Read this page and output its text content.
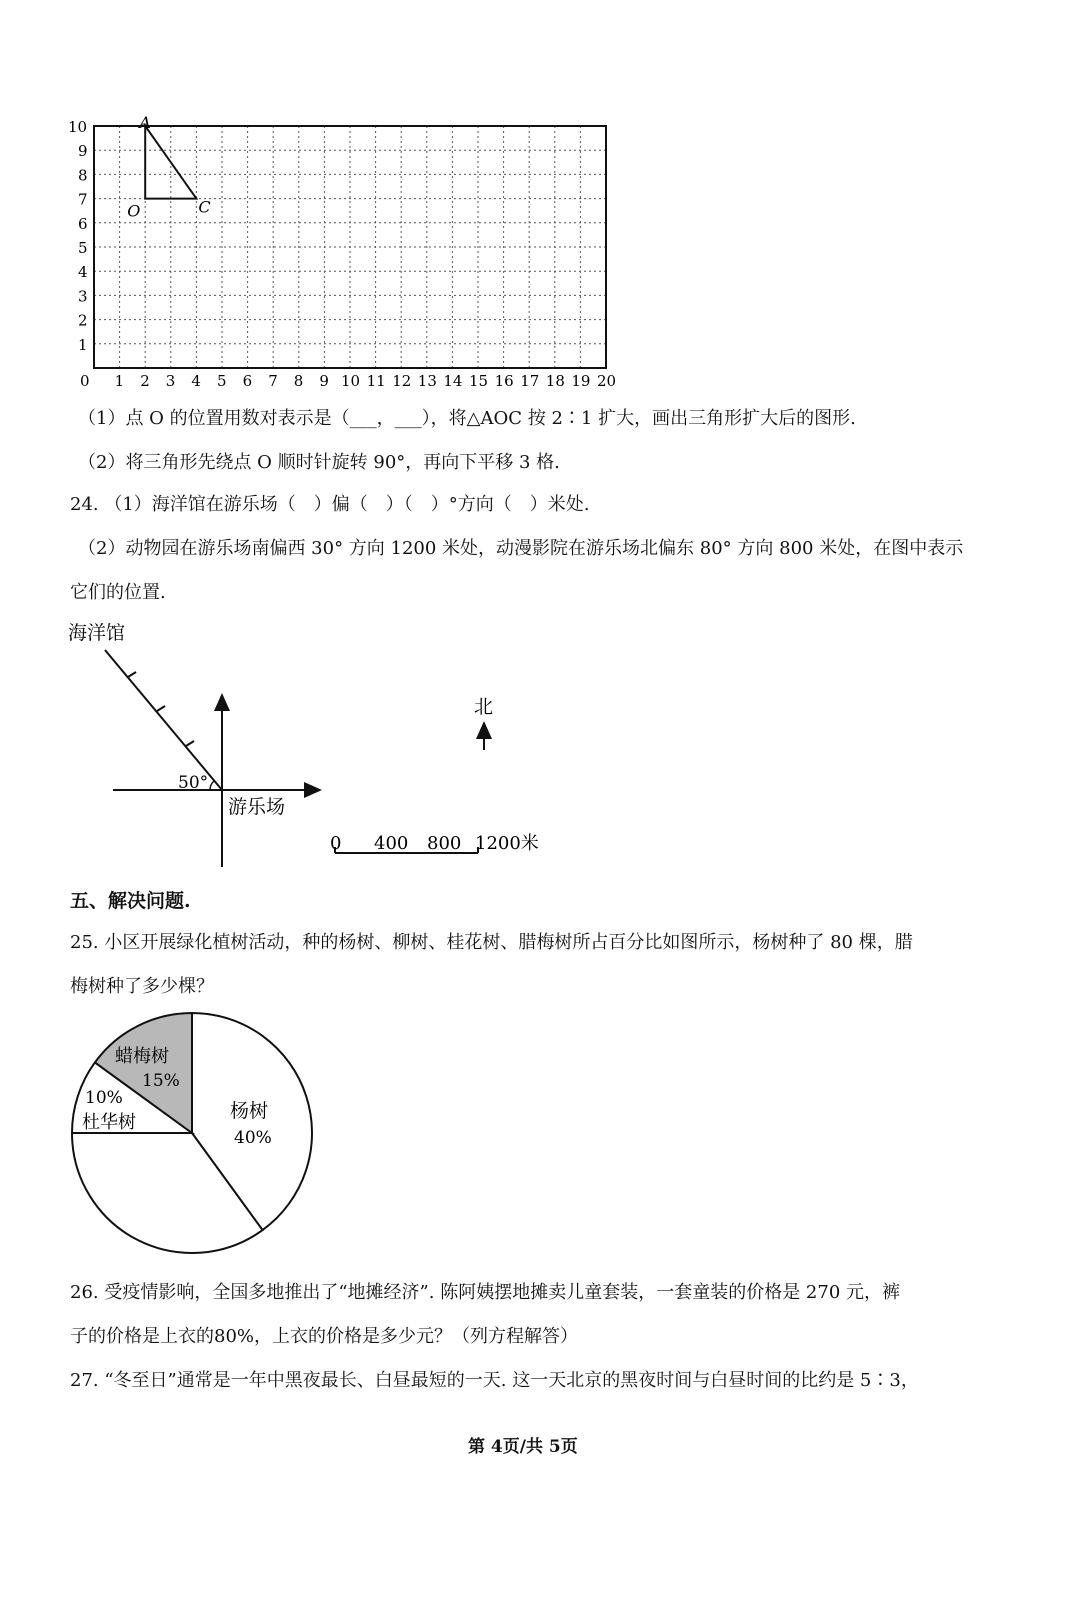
A
O	C
0 1 2 3 4 5 6 7 8 9 10 11 12 13 14 15 16 17 18 19 20
1
2
3
4
5
6
7
8
9
10
（1）点 O 的位置用数对表示是（___，___），将△AOC 按 2∶1 扩大，画出三角形扩大后的图形.
（2）将三角形先绕点 O 顺时针旋转 90°，再向下平移 3 格.
24. （1）海洋馆在游乐场（　）偏（　）（　）°方向（　）米处.
（2）动物园在游乐场南偏西 30° 方向 1200 米处，动漫影院在游乐场北偏东 80° 方向 800 米处，在图中表示
它们的位置.
海洋馆
50°
游乐场
北
0 400 800 1200米
五、解决问题.
25. 小区开展绿化植树活动，种的杨树、柳树、桂花树、腊梅树所占百分比如图所示，杨树种了 80 棵，腊
梅树种了多少棵？
蜡梅树
15%
10%
杜华树
杨树
40%
26. 受疫情影响，全国多地推出了“地摊经济”. 陈阿姨摆地摊卖儿童套装，一套童装的价格是 270 元，裤
子的价格是上衣的80%，上衣的价格是多少元？（列方程解答）
27. “冬至日”通常是一年中黑夜最长、白昼最短的一天. 这一天北京的黑夜时间与白昼时间的比约是 5∶3，
第 4页/共 5页
